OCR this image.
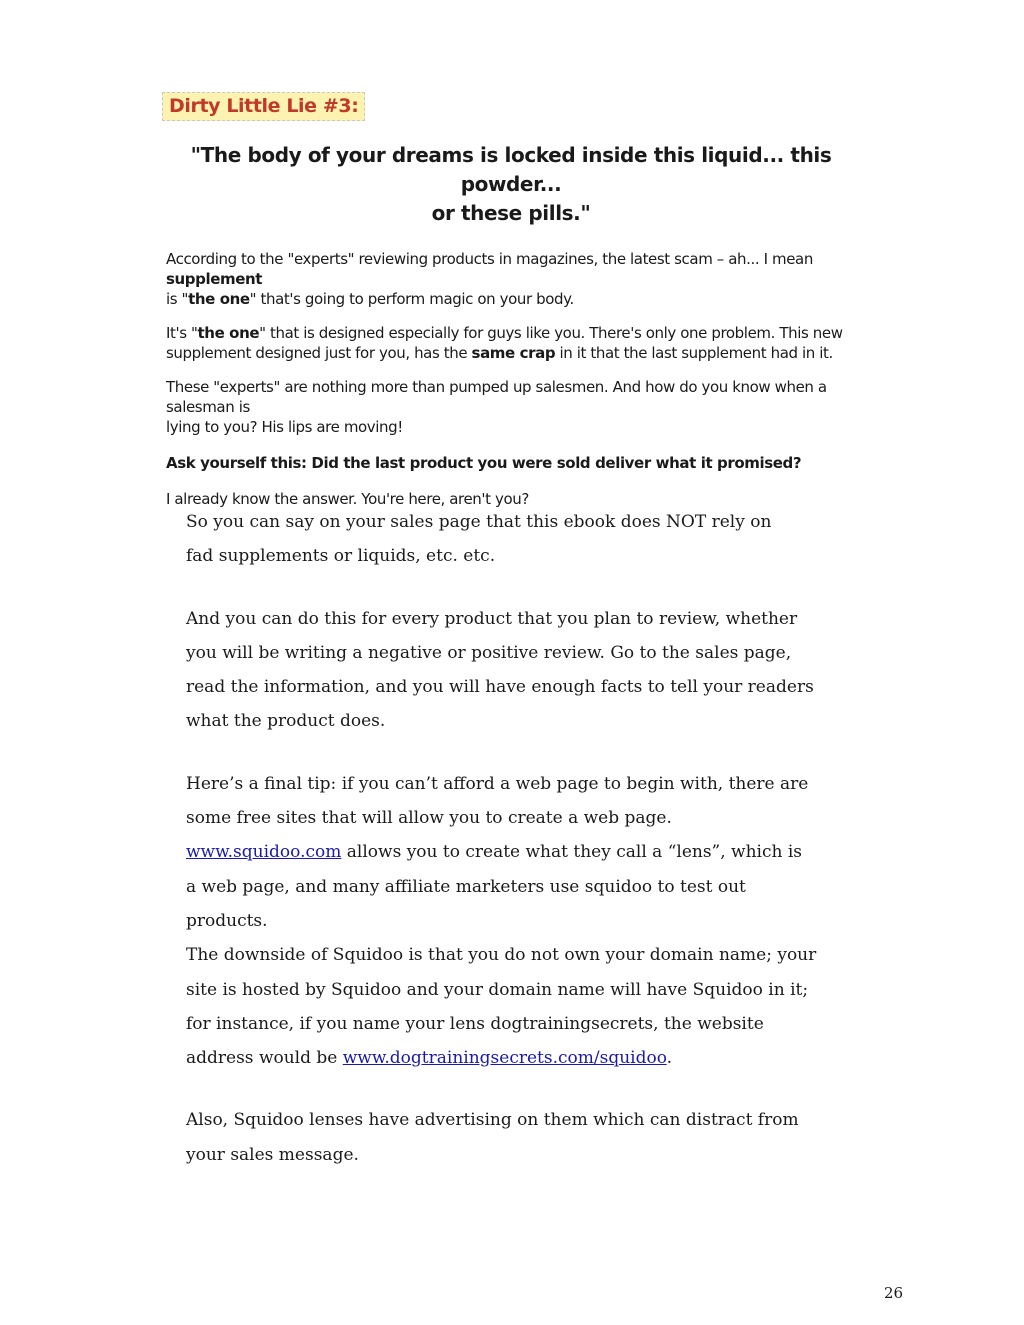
Dirty Little Lie #3:
"The body of your dreams is locked inside this liquid... this powder...
or these pills."
According to the "experts" reviewing products in magazines, the latest scam – ah... I mean supplement
is "the one" that's going to perform magic on your body.
It's "the one" that is designed especially for guys like you. There's only one problem. This new
supplement designed just for you, has the same crap in it that the last supplement had in it.
These "experts" are nothing more than pumped up salesmen. And how do you know when a salesman is
lying to you? His lips are moving!
Ask yourself this: Did the last product you were sold deliver what it promised?
I already know the answer. You're here, aren't you?

So you can say on your sales page that this ebook does NOT rely on
fad supplements or liquids, etc. etc.

And you can do this for every product that you plan to review, whether
you will be writing a negative or positive review. Go to the sales page,
read the information, and you will have enough facts to tell your readers
what the product does.

Here’s a final tip: if you can’t afford a web page to begin with, there are
some free sites that will allow you to create a web page.
www.squidoo.com allows you to create what they call a “lens”, which is
a web page, and many affiliate marketers use squidoo to test out
products.

The downside of Squidoo is that you do not own your domain name; your
site is hosted by Squidoo and your domain name will have Squidoo in it;
for instance, if you name your lens dogtrainingsecrets, the website
address would be www.dogtrainingsecrets.com/squidoo.

Also, Squidoo lenses have advertising on them which can distract from
your sales message.

26
